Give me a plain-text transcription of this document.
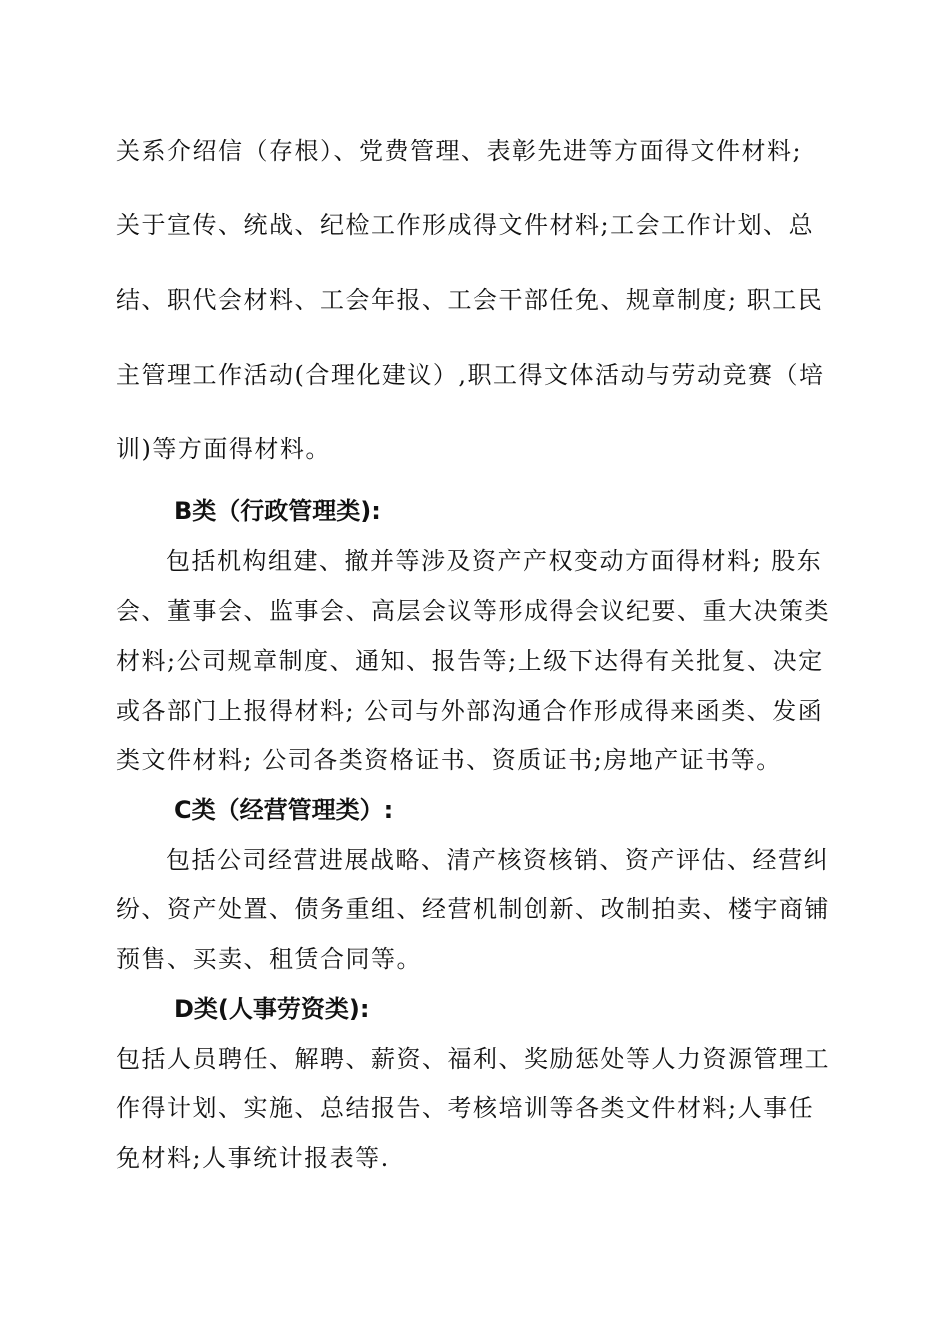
关系介绍信（存根）、党费管理、表彰先进等方面得文件材料;
关于宣传、统战、纪检工作形成得文件材料;工会工作计划、总
结、职代会材料、工会年报、工会干部任免、规章制度; 职工民
主管理工作活动(合理化建议）,职工得文体活动与劳动竞赛（培
训)等方面得材料。
B类（行政管理类):
包括机构组建、撤并等涉及资产产权变动方面得材料; 股东
会、董事会、监事会、高层会议等形成得会议纪要、重大决策类
材料;公司规章制度、通知、报告等;上级下达得有关批复、决定
或各部门上报得材料; 公司与外部沟通合作形成得来函类、发函
类文件材料; 公司各类资格证书、资质证书;房地产证书等。
C类（经营管理类）:
包括公司经营进展战略、清产核资核销、资产评估、经营纠
纷、资产处置、债务重组、经营机制创新、改制拍卖、楼宇商铺
预售、买卖、租赁合同等。
D类(人事劳资类):
包括人员聘任、解聘、薪资、福利、奖励惩处等人力资源管理工
作得计划、实施、总结报告、考核培训等各类文件材料;人事任
免材料;人事统计报表等.
